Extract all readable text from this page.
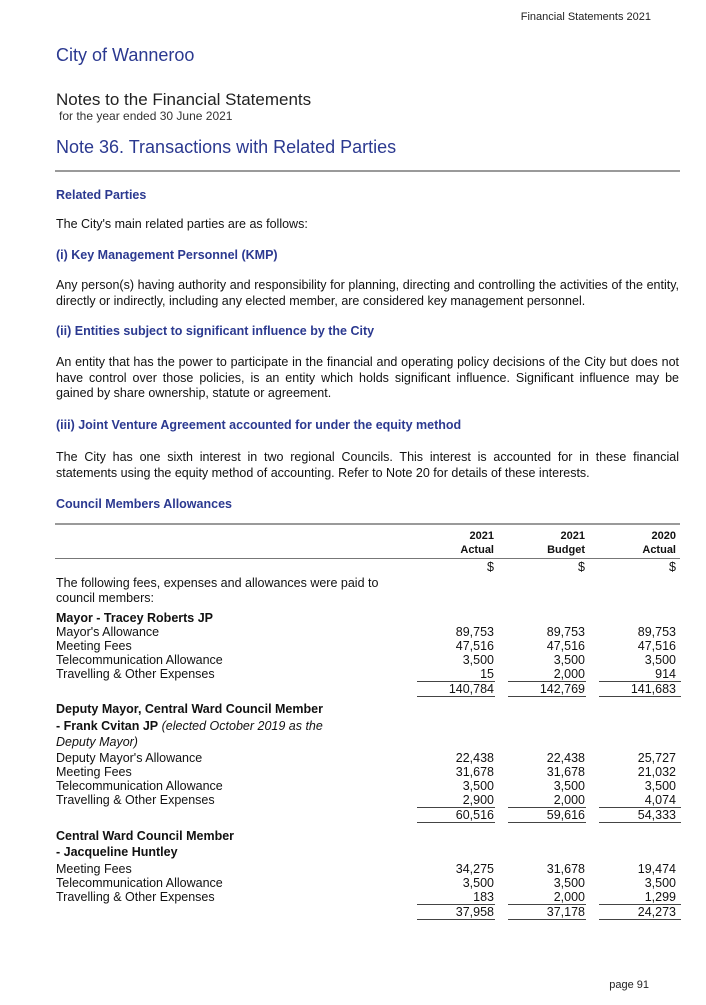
Financial Statements 2021
City of Wanneroo
Notes to the Financial Statements
for the year ended 30 June 2021
Note 36. Transactions with Related Parties
Related Parties
The City's main related parties are as follows:
(i) Key Management Personnel (KMP)
Any person(s) having authority and responsibility for planning, directing and controlling the activities of the entity, directly or indirectly, including any elected member, are considered key management personnel.
(ii) Entities subject to significant influence by the City
An entity that has the power to participate in the financial and operating policy decisions of the City but does not have control over those policies, is an entity which holds significant influence. Significant influence may be gained by share ownership, statute or agreement.
(iii) Joint Venture Agreement accounted for under the equity method
The City has one sixth interest in two regional Councils. This interest is accounted for in these financial statements using the equity method of accounting. Refer to Note 20 for details of these interests.
Council Members Allowances
2021	2021	2020
Actual	Budget	Actual
$	$	$
The following fees, expenses and allowances were paid to council members:
Mayor - Tracey Roberts JP
Mayor's Allowance	89,753	89,753	89,753
Meeting Fees	47,516	47,516	47,516
Telecommunication Allowance	3,500	3,500	3,500
Travelling & Other Expenses	15	2,000	914
140,784	142,769	141,683
Deputy Mayor, Central Ward Council Member
- Frank Cvitan JP (elected October 2019 as the Deputy Mayor)
Deputy Mayor's Allowance	22,438	22,438	25,727
Meeting Fees	31,678	31,678	21,032
Telecommunication Allowance	3,500	3,500	3,500
Travelling & Other Expenses	2,900	2,000	4,074
60,516	59,616	54,333
Central Ward Council Member
- Jacqueline Huntley
Meeting Fees	34,275	31,678	19,474
Telecommunication Allowance	3,500	3,500	3,500
Travelling & Other Expenses	183	2,000	1,299
37,958	37,178	24,273
page 91
